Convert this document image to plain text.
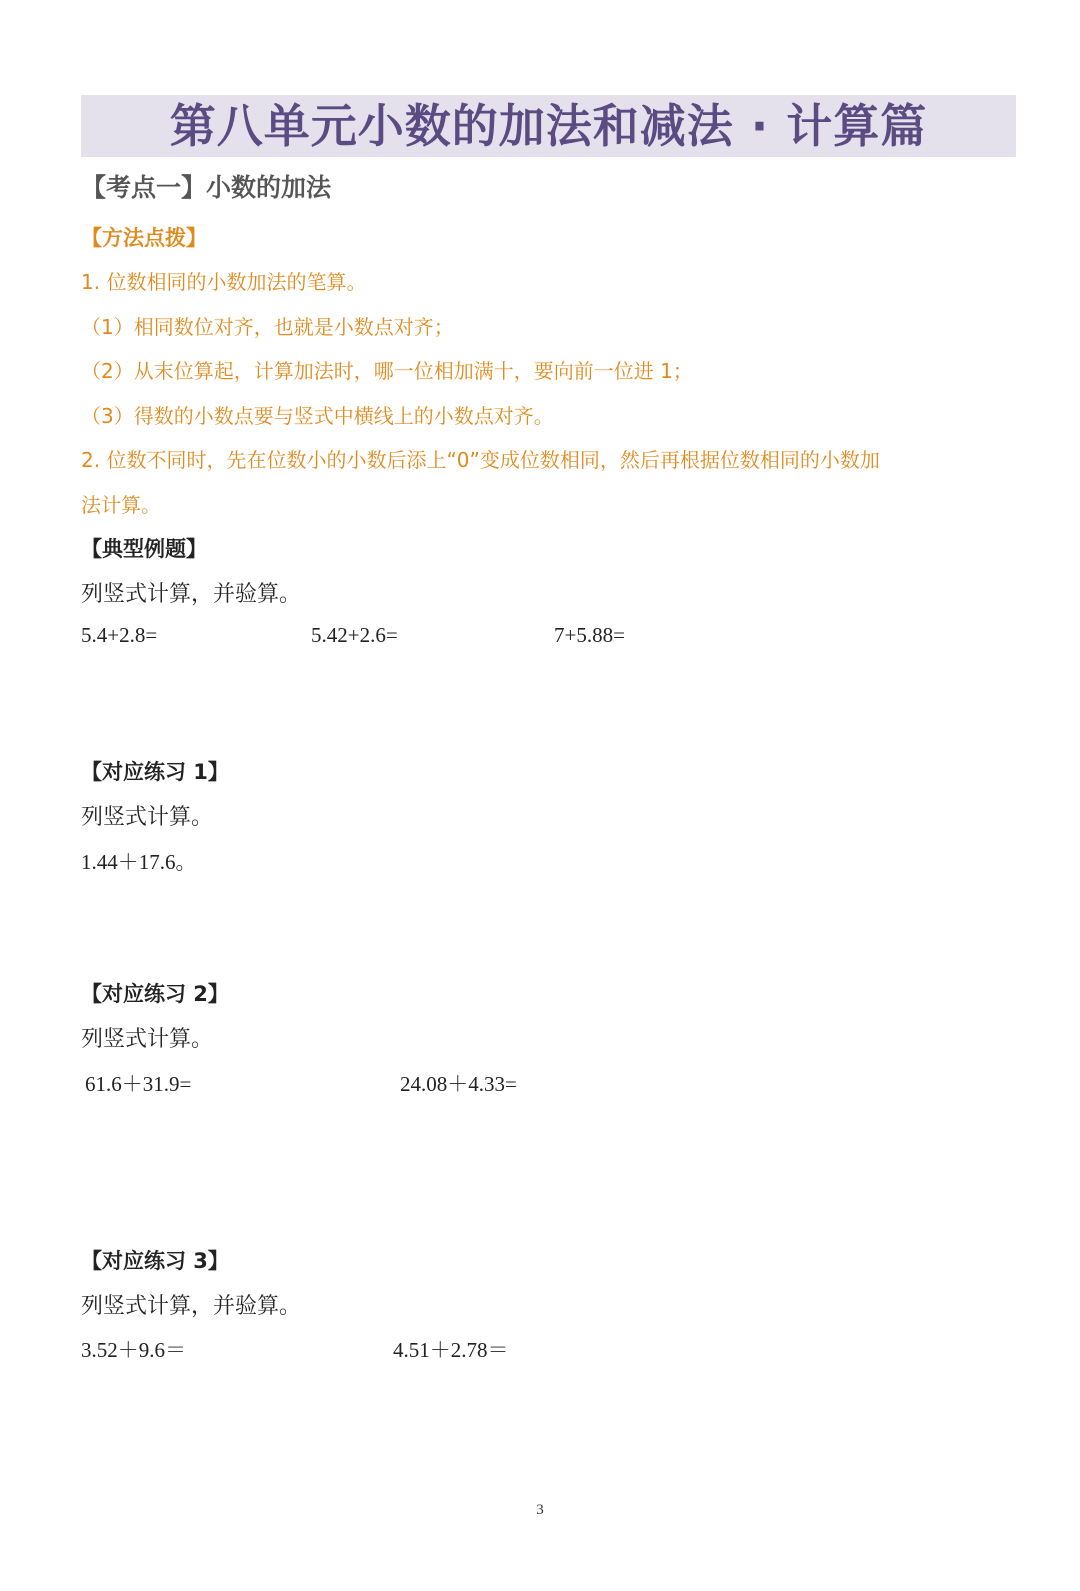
第八单元小数的加法和减法 · 计算篇
【考点一】小数的加法
【方法点拨】
1. 位数相同的小数加法的笔算。
（1）相同数位对齐，也就是小数点对齐；
（2）从末位算起，计算加法时，哪一位相加满十，要向前一位进 1；
（3）得数的小数点要与竖式中横线上的小数点对齐。
2. 位数不同时，先在位数小的小数后添上“0”变成位数相同，然后再根据位数相同的小数加
法计算。
【典型例题】
列竖式计算，并验算。
5.4+2.8=	5.42+2.6=	7+5.88=
【对应练习 1】
列竖式计算。
1.44＋17.6。
【对应练习 2】
列竖式计算。
61.6＋31.9=	24.08＋4.33=
【对应练习 3】
列竖式计算，并验算。
3.52＋9.6＝	4.51＋2.78＝
3
